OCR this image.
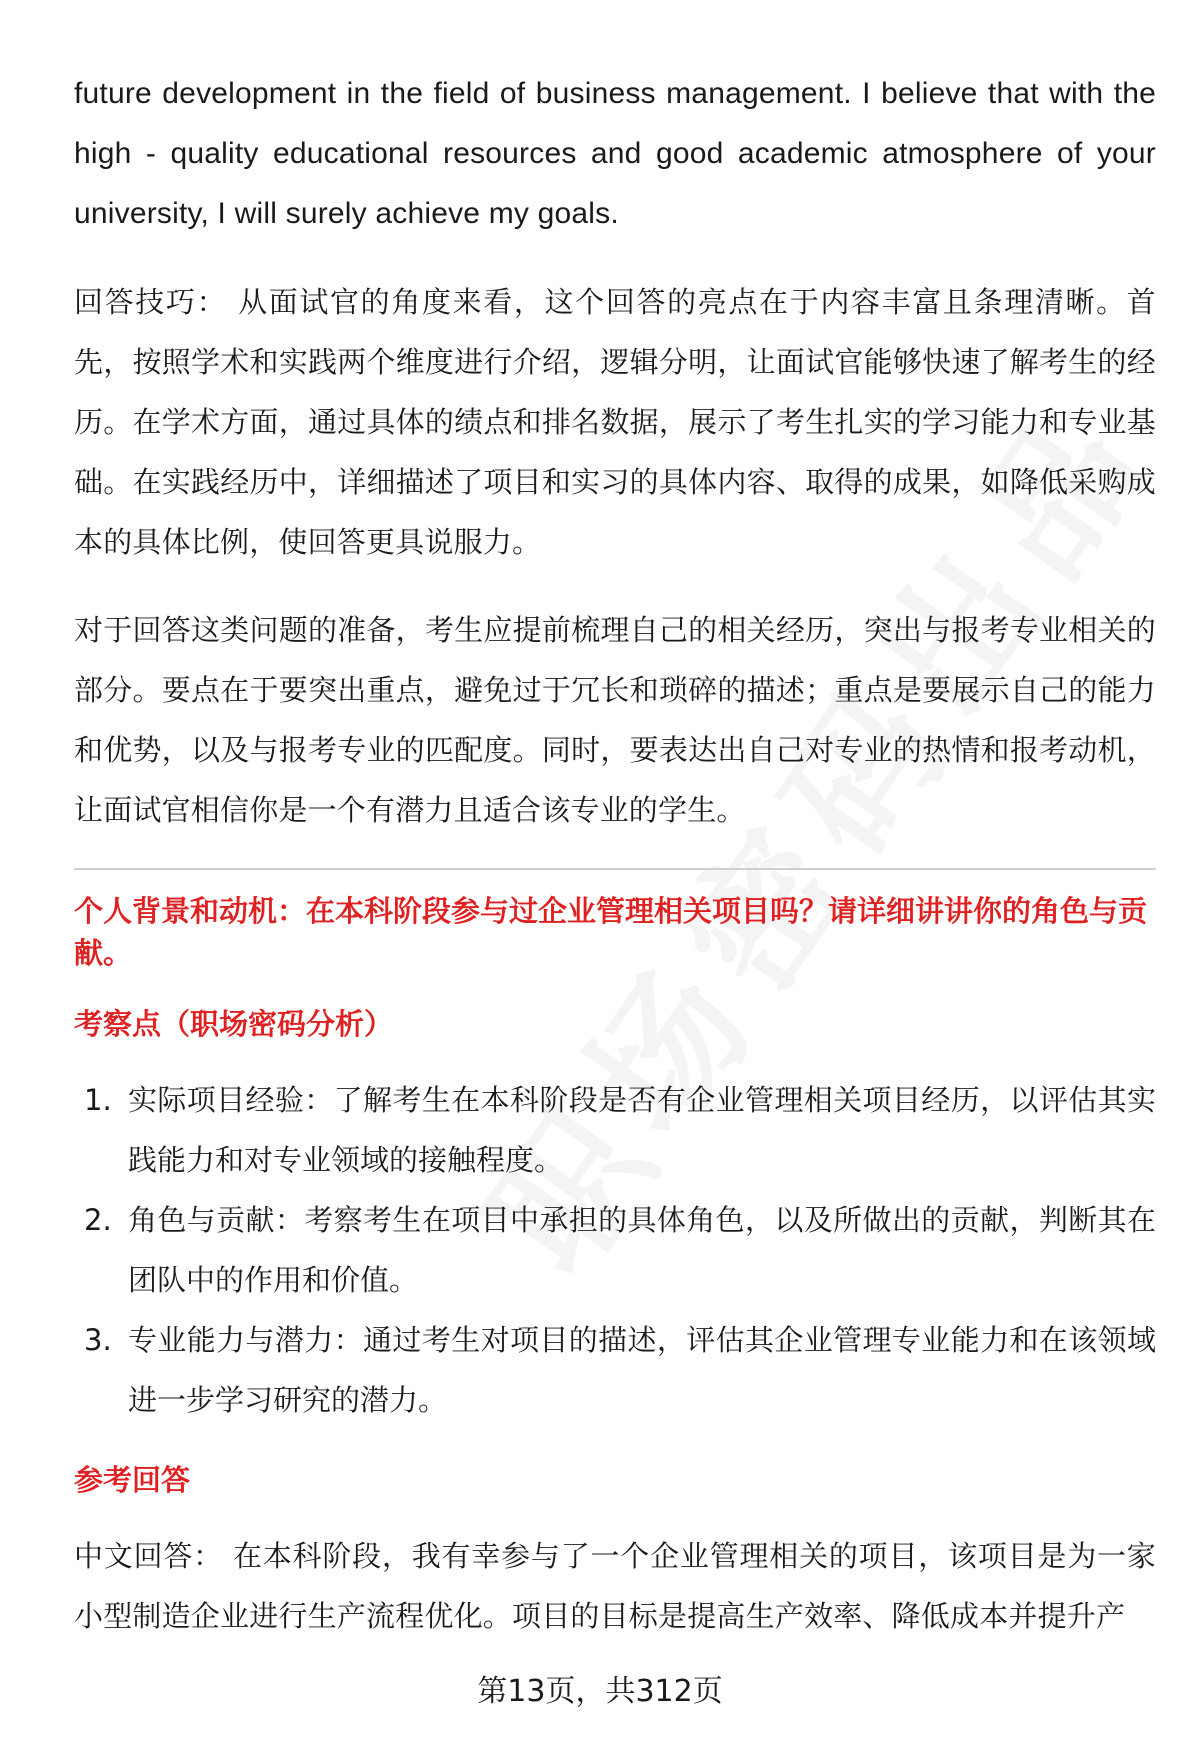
future development in the field of business management. I believe that with the high - quality educational resources and good academic atmosphere of your university, I will surely achieve my goals.

回答技巧： 从面试官的角度来看，这个回答的亮点在于内容丰富且条理清晰。首先，按照学术和实践两个维度进行介绍，逻辑分明，让面试官能够快速了解考生的经历。在学术方面，通过具体的绩点和排名数据，展示了考生扎实的学习能力和专业基础。在实践经历中，详细描述了项目和实习的具体内容、取得的成果，如降低采购成本的具体比例，使回答更具说服力。

对于回答这类问题的准备，考生应提前梳理自己的相关经历，突出与报考专业相关的部分。要点在于要突出重点，避免过于冗长和琐碎的描述；重点是要展示自己的能力和优势，以及与报考专业的匹配度。同时，要表达出自己对专业的热情和报考动机，让面试官相信你是一个有潜力且适合该专业的学生。

个人背景和动机：在本科阶段参与过企业管理相关项目吗？请详细讲讲你的角色与贡献。
考察点（职场密码分析）
1. 实际项目经验：了解考生在本科阶段是否有企业管理相关项目经历，以评估其实践能力和对专业领域的接触程度。
2. 角色与贡献：考察考生在项目中承担的具体角色，以及所做出的贡献，判断其在团队中的作用和价值。
3. 专业能力与潜力：通过考生对项目的描述，评估其企业管理专业能力和在该领域进一步学习研究的潜力。
参考回答

中文回答： 在本科阶段，我有幸参与了一个企业管理相关的项目，该项目是为一家小型制造企业进行生产流程优化。项目的目标是提高生产效率、降低成本并提升产

第13页，共312页
